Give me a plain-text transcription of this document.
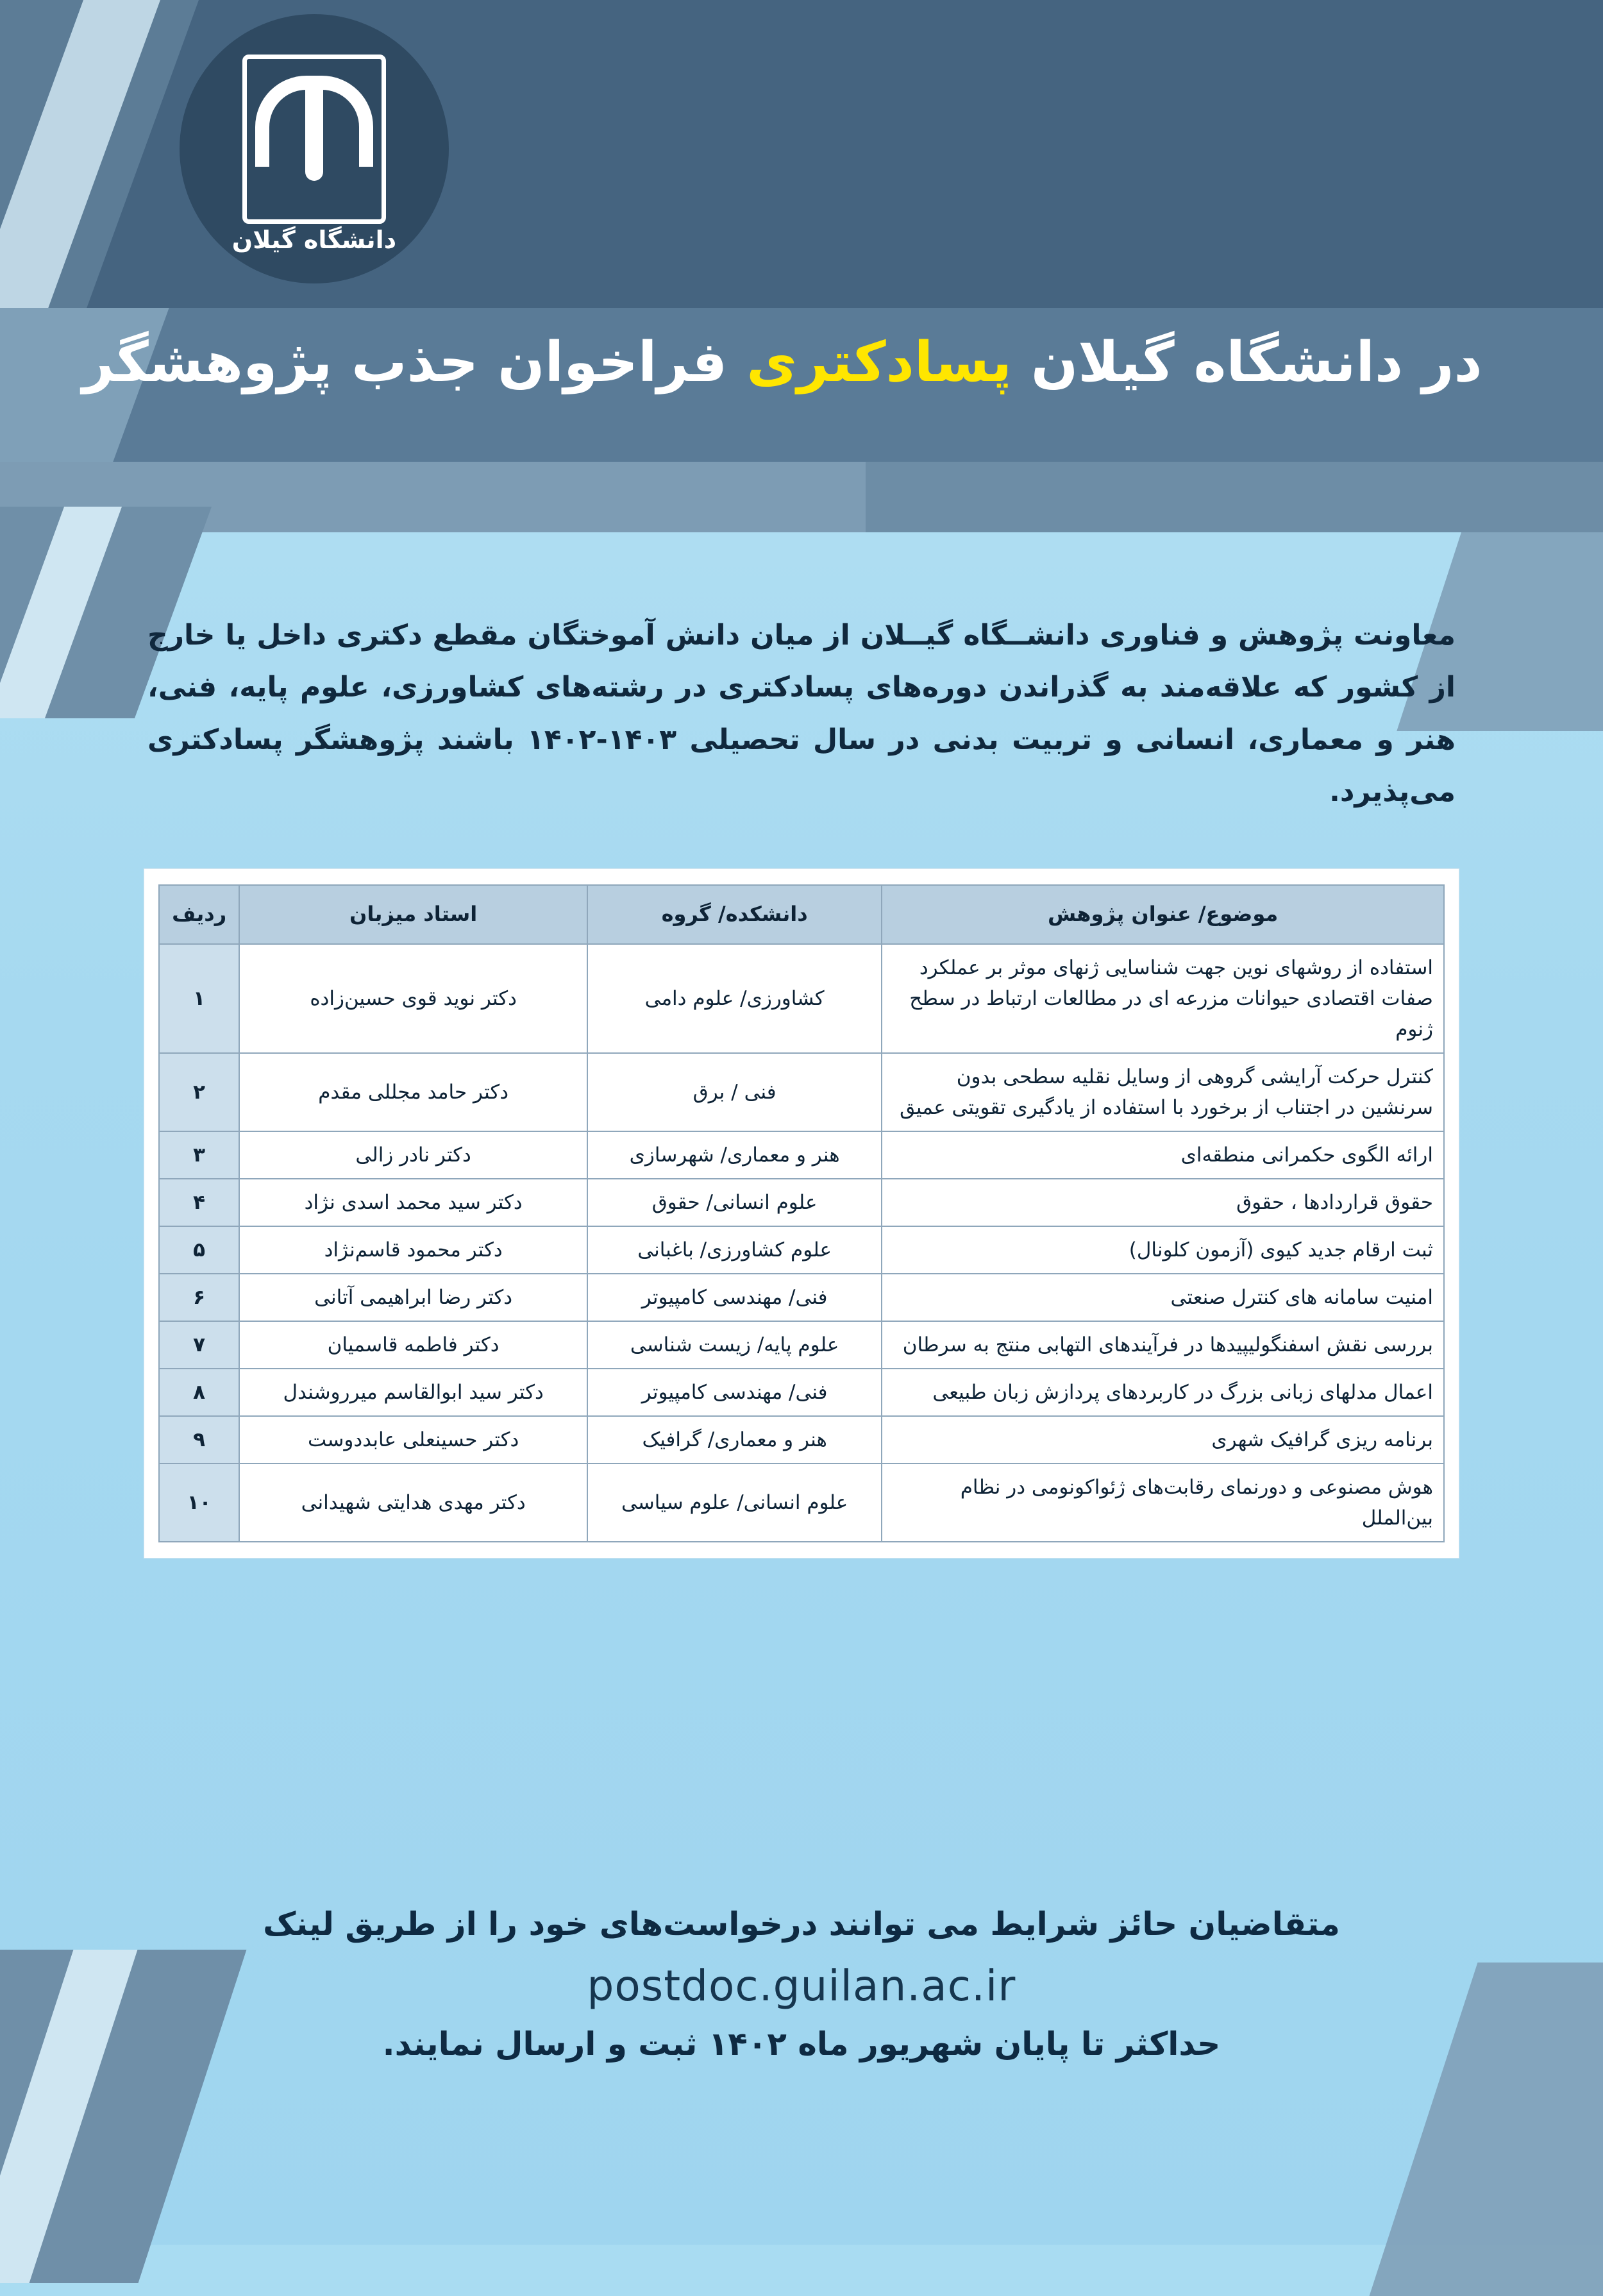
دانشگاه گیلان
در دانشگاه گیلان پسادکتری فراخوان جذب پژوهشگر
معاونت پژوهش و فناوری دانشــگاه گیــلان از میان دانش آموختگان مقطع دکتری داخل یا خارج از کشور که علاقه‌مند به گذراندن دوره‌های پسادکتری در رشته‌های کشاورزی، علوم پایه، فنی، هنر و معماری، انسانی و تربیت بدنی در سال تحصیلی ۱۴۰۳-۱۴۰۲ باشند پژوهشگر پسادکتری می‌پذیرد.
موضوع/ عنوان پژوهش	دانشکده/ گروه	استاد میزبان	ردیف
استفاده از روشهای نوین جهت شناسایی ژنهای موثر بر عملکرد صفات اقتصادی حیوانات مزرعه ای در مطالعات ارتباط در سطح ژنوم	کشاورزی/ علوم دامی	دکتر نوید قوی حسین‌زاده	۱
کنترل حرکت آرایشی گروهی از وسایل نقلیه سطحی بدون سرنشین در اجتناب از برخورد با استفاده از یادگیری تقویتی عمیق	فنی / برق	دکتر حامد مجللی مقدم	۲
ارائه الگوی حکمرانی منطقه‌ای	هنر و معماری/ شهرسازی	دکتر نادر زالی	۳
حقوق قراردادها ، حقوق	علوم انسانی/ حقوق	دکتر سید محمد اسدی نژاد	۴
ثبت ارقام جدید کیوی (آزمون کلونال)	علوم کشاورزی/ باغبانی	دکتر محمود قاسم‌نژاد	۵
امنیت سامانه های کنترل صنعتی	فنی/ مهندسی کامپیوتر	دکتر رضا ابراهیمی آتانی	۶
بررسی نقش اسفنگولیپیدها در فرآیندهای التهابی منتج به سرطان	علوم پایه/ زیست شناسی	دکتر فاطمه قاسمیان	۷
اعمال مدلهای زبانی بزرگ در کاربردهای پردازش زبان طبیعی	فنی/ مهندسی کامپیوتر	دکتر سید ابوالقاسم میرروشندل	۸
برنامه ریزی گرافیک شهری	هنر و معماری/ گرافیک	دکتر حسینعلی عابددوست	۹
هوش مصنوعی و دورنمای رقابت‌های ژئواکونومی در نظام بین‌الملل	علوم انسانی/ علوم سیاسی	دکتر مهدی هدایتی شهیدانی	۱۰
متقاضیان حائز شرایط می توانند درخواست‌های خود را از طریق لینک
postdoc.guilan.ac.ir
حداکثر تا پایان شهریور ماه ۱۴۰۲ ثبت و ارسال نمایند.
